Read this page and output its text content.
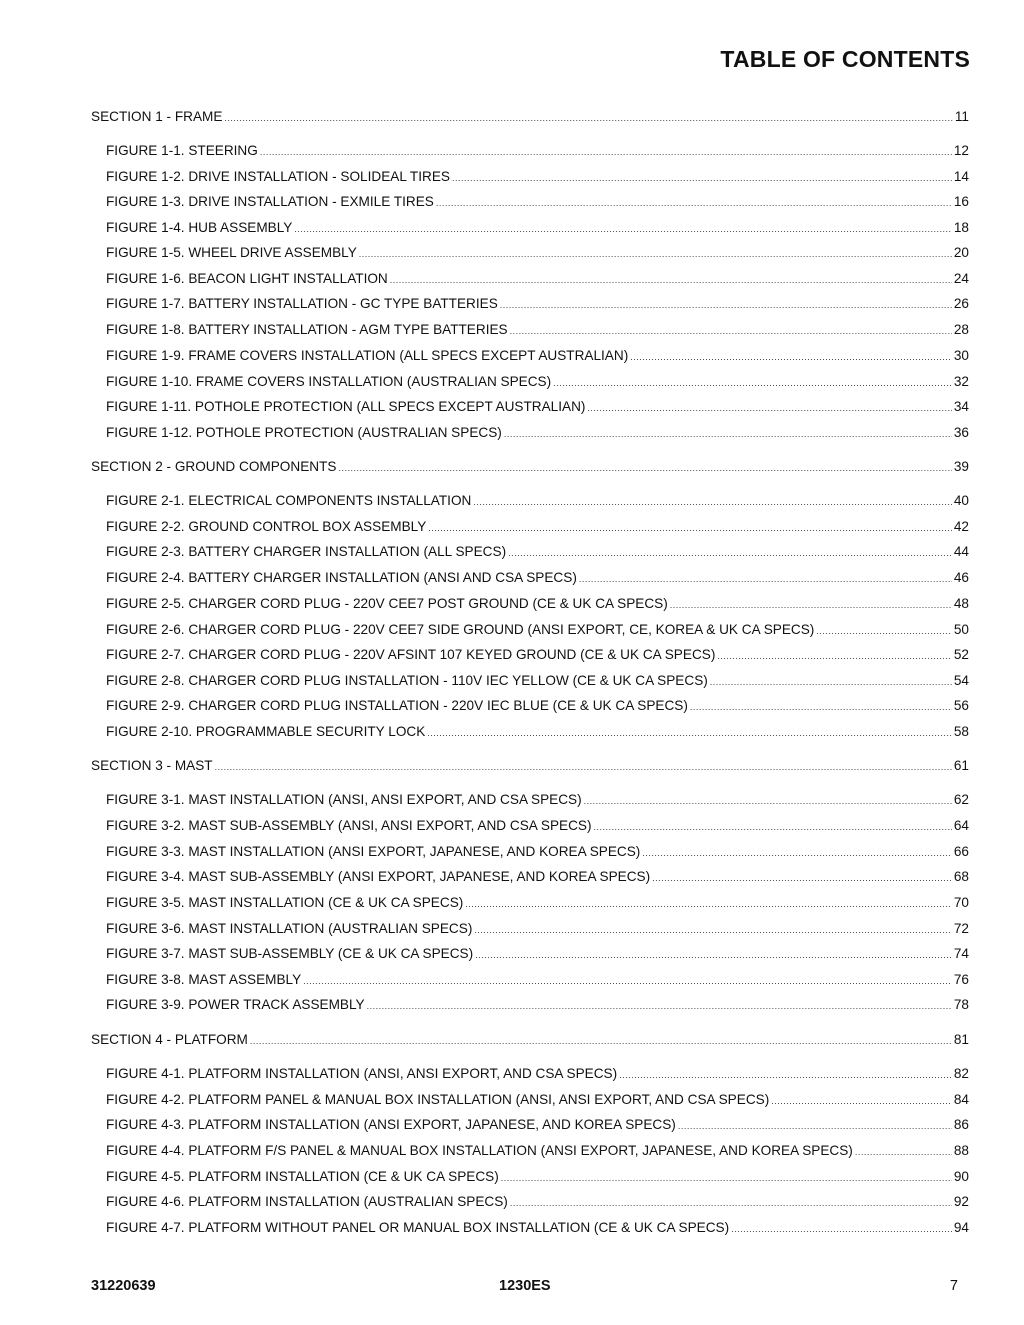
TABLE OF CONTENTS
SECTION 1 - FRAME .....	11
FIGURE 1-1. STEERING .....	12
FIGURE 1-2. DRIVE INSTALLATION - SOLIDEAL TIRES .....	14
FIGURE 1-3. DRIVE INSTALLATION - EXMILE TIRES .....	16
FIGURE 1-4. HUB ASSEMBLY .....	18
FIGURE 1-5. WHEEL DRIVE ASSEMBLY .....	20
FIGURE 1-6. BEACON LIGHT INSTALLATION .....	24
FIGURE 1-7. BATTERY INSTALLATION - GC TYPE BATTERIES .....	26
FIGURE 1-8. BATTERY INSTALLATION - AGM TYPE BATTERIES .....	28
FIGURE 1-9. FRAME COVERS INSTALLATION (ALL SPECS EXCEPT AUSTRALIAN) .....	30
FIGURE 1-10. FRAME COVERS INSTALLATION (AUSTRALIAN SPECS) .....	32
FIGURE 1-11. POTHOLE PROTECTION (ALL SPECS EXCEPT AUSTRALIAN) .....	34
FIGURE 1-12. POTHOLE PROTECTION (AUSTRALIAN SPECS) .....	36
SECTION 2 - GROUND COMPONENTS .....	39
FIGURE 2-1. ELECTRICAL COMPONENTS INSTALLATION .....	40
FIGURE 2-2. GROUND CONTROL BOX ASSEMBLY .....	42
FIGURE 2-3. BATTERY CHARGER INSTALLATION (ALL SPECS) .....	44
FIGURE 2-4. BATTERY CHARGER INSTALLATION (ANSI AND CSA SPECS) .....	46
FIGURE 2-5. CHARGER CORD PLUG - 220V CEE7 POST GROUND (CE & UK CA SPECS) .....	48
FIGURE 2-6. CHARGER CORD PLUG - 220V CEE7 SIDE GROUND (ANSI EXPORT, CE, KOREA & UK CA SPECS) .....	50
FIGURE 2-7. CHARGER CORD PLUG - 220V AFSINT 107 KEYED GROUND (CE & UK CA SPECS) .....	52
FIGURE 2-8. CHARGER CORD PLUG INSTALLATION - 110V IEC YELLOW (CE & UK CA SPECS) .....	54
FIGURE 2-9. CHARGER CORD PLUG INSTALLATION - 220V IEC BLUE (CE & UK CA SPECS) .....	56
FIGURE 2-10. PROGRAMMABLE SECURITY LOCK .....	58
SECTION 3 - MAST .....	61
FIGURE 3-1. MAST INSTALLATION (ANSI, ANSI EXPORT, AND CSA SPECS) .....	62
FIGURE 3-2. MAST SUB-ASSEMBLY (ANSI, ANSI EXPORT, AND CSA SPECS) .....	64
FIGURE 3-3. MAST INSTALLATION (ANSI EXPORT, JAPANESE, AND KOREA SPECS) .....	66
FIGURE 3-4. MAST SUB-ASSEMBLY (ANSI EXPORT, JAPANESE, AND KOREA SPECS) .....	68
FIGURE 3-5. MAST INSTALLATION (CE & UK CA SPECS) .....	70
FIGURE 3-6. MAST INSTALLATION (AUSTRALIAN SPECS) .....	72
FIGURE 3-7. MAST SUB-ASSEMBLY (CE & UK CA SPECS) .....	74
FIGURE 3-8. MAST ASSEMBLY .....	76
FIGURE 3-9. POWER TRACK ASSEMBLY .....	78
SECTION 4 - PLATFORM .....	81
FIGURE 4-1. PLATFORM INSTALLATION (ANSI, ANSI EXPORT, AND CSA SPECS) .....	82
FIGURE 4-2. PLATFORM PANEL & MANUAL BOX INSTALLATION (ANSI, ANSI EXPORT, AND CSA SPECS) .....	84
FIGURE 4-3. PLATFORM INSTALLATION (ANSI EXPORT, JAPANESE, AND KOREA SPECS) .....	86
FIGURE 4-4. PLATFORM F/S PANEL & MANUAL BOX INSTALLATION (ANSI EXPORT, JAPANESE, AND KOREA SPECS) .....	88
FIGURE 4-5. PLATFORM INSTALLATION (CE & UK CA SPECS) .....	90
FIGURE 4-6. PLATFORM INSTALLATION (AUSTRALIAN SPECS) .....	92
FIGURE 4-7. PLATFORM WITHOUT PANEL OR MANUAL BOX INSTALLATION (CE & UK CA SPECS) .....	94
31220639	1230ES	7
